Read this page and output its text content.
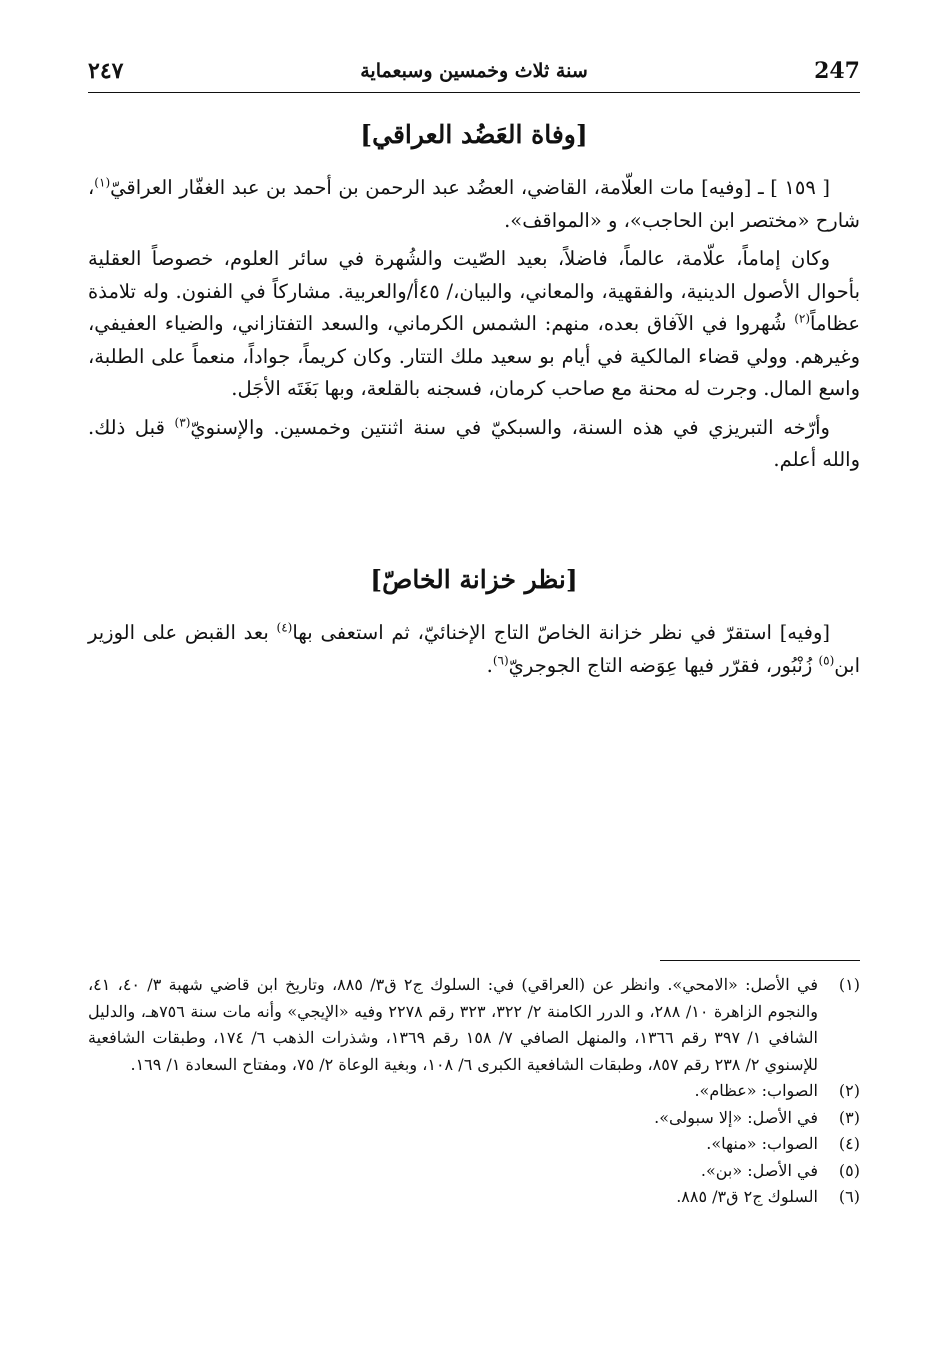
247
سنة ثلاث وخمسين وسبعماية
٢٤٧
[وفاة العَضُد العراقي]

[ ١٥٩ ] ـ [وفيه] مات العلّامة، القاضي، العضُد عبد الرحمن بن أحمد بن عبد الغفّار العراقيّ$^{(١)}$، شارح «مختصر ابن الحاجب»، و «المواقف».

وكان إماماً، علّامة، عالماً، فاضلاً، بعيد الصّيت والشُهرة في سائر العلوم، خصوصاً العقلية بأحوال الأصول الدينية، والفقهية، والمعاني، والبيان،/ ٤٥أ/والعربية. مشاركاً في الفنون. وله تلامذة عظاماً$^{(٢)}$ شُهروا في الآفاق بعده، منهم: الشمس الكرماني، والسعد التفتازاني، والضياء العفيفي، وغيرهم. وولي قضاء المالكية في أيام بو سعيد ملك التتار. وكان كريماً، جواداً، منعماً على الطلبة، واسع المال. وجرت له محنة مع صاحب كرمان، فسجنه بالقلعة، وبها بَغَتَه الأجَل.

وأرّخه التبريزي في هذه السنة، والسبكيّ في سنة اثنتين وخمسين. والإسنويّ$^{(٣)}$ قبل ذلك. والله أعلم.

[نظر خزانة الخاصّ]

[وفيه] استقرّ في نظر خزانة الخاصّ التاج الإخنائيّ، ثم استعفى بها$^{(٤)}$ بعد القبض على الوزير ابن$^{(٥)}$ زُنْبُور، فقرّر فيها عِوَضه التاج الجوجريّ$^{(٦)}$.

(١)
في الأصل: «الامحي». وانظر عن (العراقي) في: السلوك ج٢ ق٣/ ٨٨٥، وتاريخ ابن قاضي شهبة ٣/ ٤٠، ٤١، والنجوم الزاهرة ١٠/ ٢٨٨، و الدرر الكامنة ٢/ ٣٢٢، ٣٢٣ رقم ٢٢٧٨ وفيه «الإيجي» وأنه مات سنة ٧٥٦هـ، والدليل الشافي ١/ ٣٩٧ رقم ١٣٦٦، والمنهل الصافي ٧/ ١٥٨ رقم ١٣٦٩، وشذرات الذهب ٦/ ١٧٤، وطبقات الشافعية للإسنوي ٢/ ٢٣٨ رقم ٨٥٧، وطبقات الشافعية الكبرى ٦/ ١٠٨، وبغية الوعاة ٢/ ٧٥، ومفتاح السعادة ١/ ١٦٩.
(٢)
الصواب: «عظام».
(٣)
في الأصل: «إلا سبولى».
(٤)
الصواب: «منها».
(٥)
في الأصل: «بن».
(٦)
السلوك ج٢ ق٣/ ٨٨٥.
